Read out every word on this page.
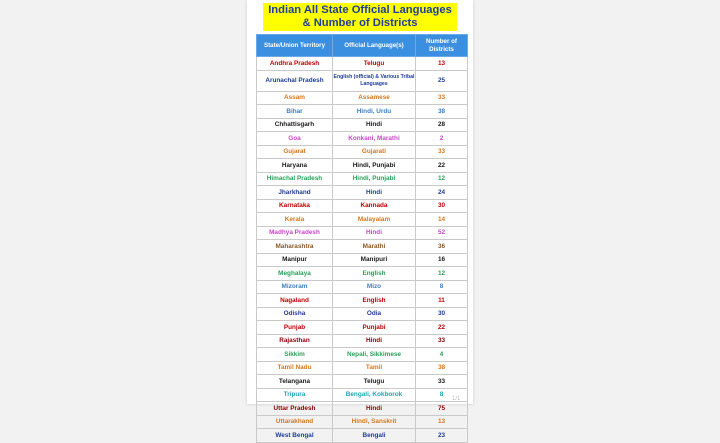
Indian All State Official Languages
& Number of Districts
State/Union Territory	Official Language(s)	Number of Districts
Andhra Pradesh	Telugu	13
Arunachal Pradesh	English (official) & Various Tribal Languages	25
Assam	Assamese	33
Bihar	Hindi, Urdu	38
Chhattisgarh	Hindi	28
Goa	Konkani, Marathi	2
Gujarat	Gujarati	33
Haryana	Hindi, Punjabi	22
Himachal Pradesh	Hindi, Punjabi	12
Jharkhand	Hindi	24
Karnataka	Kannada	30
Kerala	Malayalam	14
Madhya Pradesh	Hindi	52
Maharashtra	Marathi	36
Manipur	Manipuri	16
Meghalaya	English	12
Mizoram	Mizo	8
Nagaland	English	11
Odisha	Odia	30
Punjab	Punjabi	22
Rajasthan	Hindi	33
Sikkim	Nepali, Sikkimese	4
Tamil Nadu	Tamil	38
Telangana	Telugu	33
Tripura	Bengali, Kokborok	8
Uttar Pradesh	Hindi	75
Uttarakhand	Hindi, Sanskrit	13
West Bengal	Bengali	23
1/1
